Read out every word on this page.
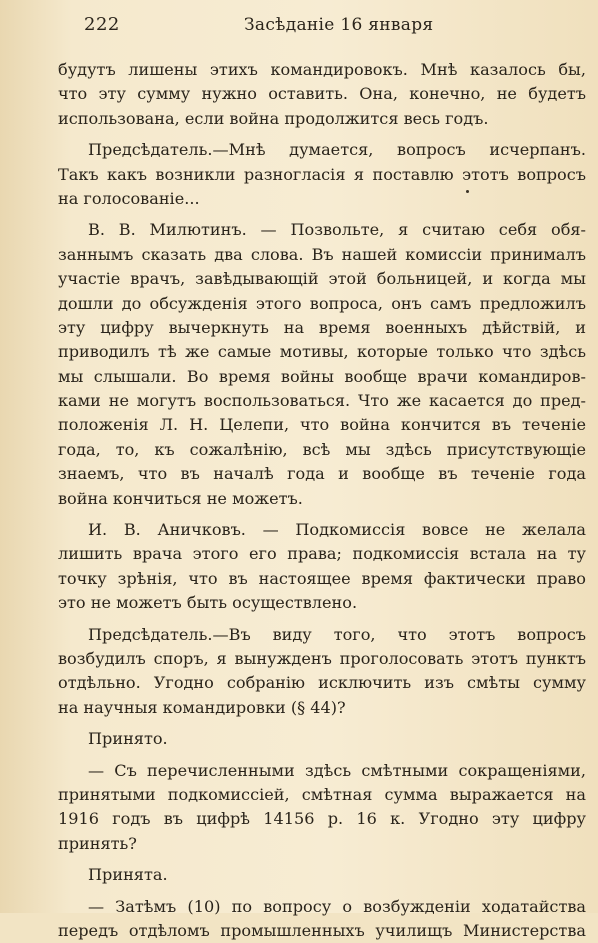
222	Засѣданіе 16 января
будутъ лишены этихъ командировокъ. Мнѣ казалось бы,
что эту сумму нужно оставить. Она, конечно, не будетъ
использована, если война продолжится весь годъ.
Предсѣдатель.—Мнѣ думается, вопросъ исчерпанъ.
Такъ какъ возникли разногласія я поставлю этотъ вопросъ
на голосованіе...
В. В. Милютинъ. — Позвольте, я считаю себя обя-
заннымъ сказать два слова. Въ нашей комиссіи принималъ
участіе врачъ, завѣдывающій этой больницей, и когда мы
дошли до обсужденія этого вопроса, онъ самъ предложилъ
эту цифру вычеркнуть на время военныхъ дѣйствій, и
приводилъ тѣ же самые мотивы, которые только что здѣсь
мы слышали. Во время войны вообще врачи командиров-
ками не могутъ воспользоваться. Что же касается до пред-
положенія Л. Н. Целепи, что война кончится въ теченіе
года, то, къ сожалѣнію, всѣ мы здѣсь присутствующіе
знаемъ, что въ началѣ года и вообще въ теченіе года
война кончиться не можетъ.
И. В. Аничковъ. — Подкомиссія вовсе не желала
лишить врача этого его права; подкомиссія встала на ту
точку зрѣнія, что въ настоящее время фактически право
это не можетъ быть осуществлено.
Предсѣдатель.—Въ виду того, что этотъ вопросъ
возбудилъ споръ, я вынужденъ проголосовать этотъ пунктъ
отдѣльно. Угодно собранію исключить изъ смѣты сумму
на научныя командировки (§ 44)?
Принято.
— Съ перечисленными здѣсь смѣтными сокращеніями,
принятыми подкомиссіей, смѣтная сумма выражается на
1916 годъ въ цифрѣ 14156 р. 16 к. Угодно эту цифру
принять?
Принята.
— Затѣмъ (10) по вопросу о возбужденіи ходатайства
передъ отдѣломъ промышленныхъ училищъ Министерства
